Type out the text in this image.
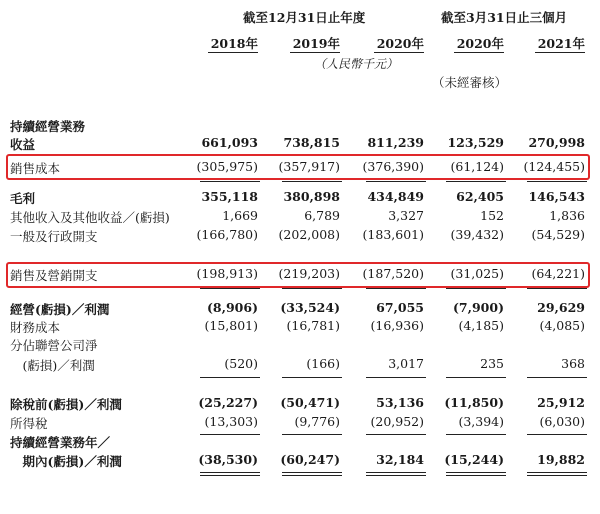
截至12月31日止年度	截至3月31日止三個月
2018年	2019年	2020年	2020年	2021年
（人民幣千元）
（未經審核）
持續經營業務
收益	661,093	738,815	811,239	123,529	270,998
銷售成本	(305,975)	(357,917)	(376,390)	(61,124)	(124,455)
毛利	355,118	380,898	434,849	62,405	146,543
其他收入及其他收益／(虧損)	1,669	6,789	3,327	152	1,836
一般及行政開支	(166,780)	(202,008)	(183,601)	(39,432)	(54,529)
銷售及營銷開支	(198,913)	(219,203)	(187,520)	(31,025)	(64,221)
經營(虧損)／利潤	(8,906)	(33,524)	67,055	(7,900)	29,629
財務成本	(15,801)	(16,781)	(16,936)	(4,185)	(4,085)
分佔聯營公司淨
　(虧損)／利潤	(520)	(166)	3,017	235	368
除稅前(虧損)／利潤	(25,227)	(50,471)	53,136	(11,850)	25,912
所得稅	(13,303)	(9,776)	(20,952)	(3,394)	(6,030)
持續經營業務年／
　期內(虧損)／利潤	(38,530)	(60,247)	32,184	(15,244)	19,882
